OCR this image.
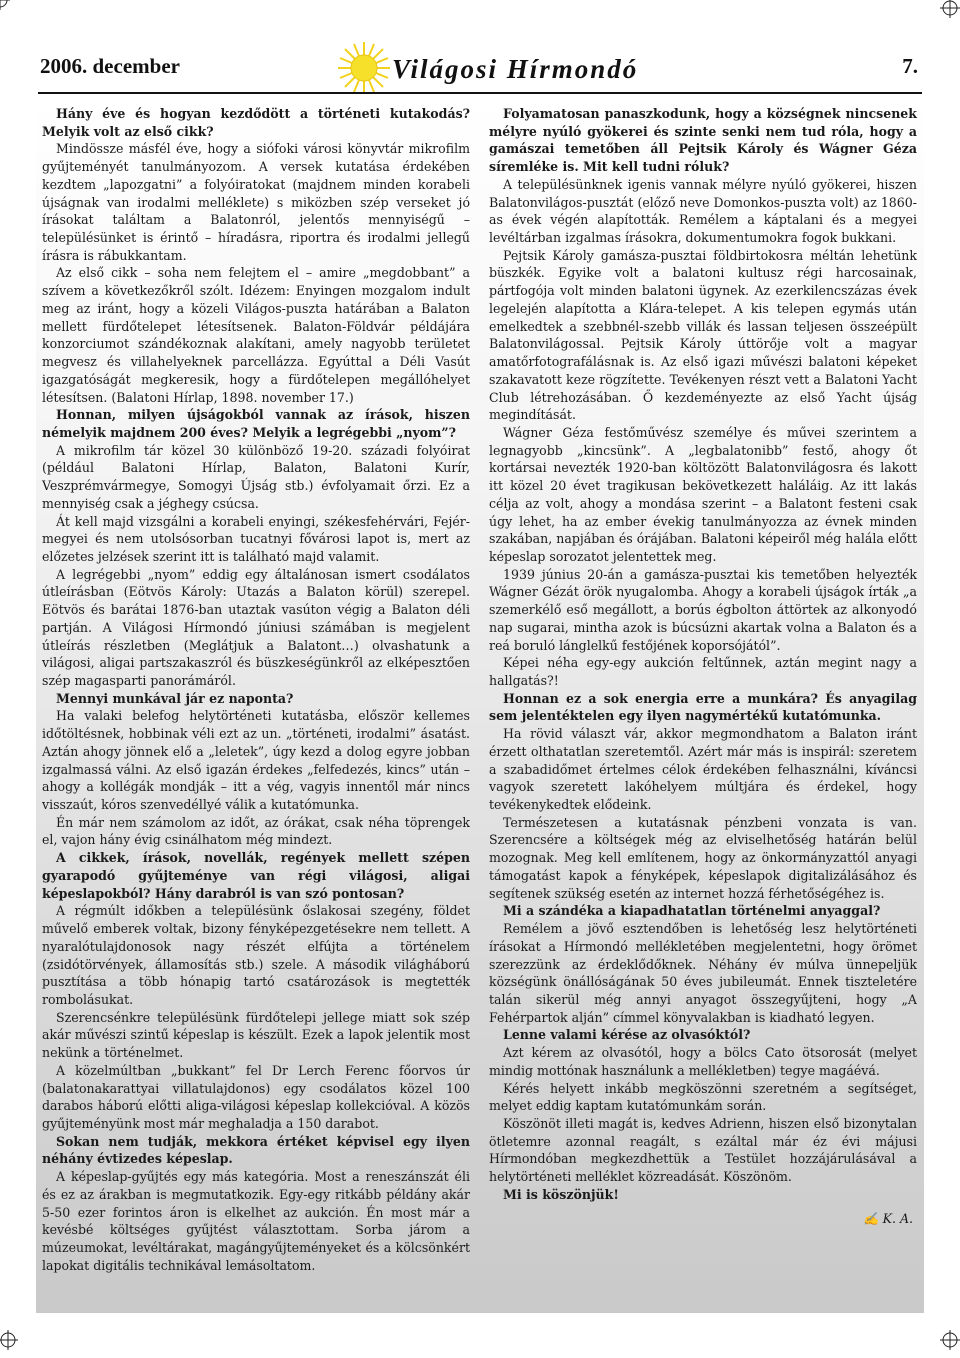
2006. december	Világosi Hírmondó	7.

Hány éve és hogyan kezdődött a történeti kutakodás? Melyik volt az első cikk?

Mindössze másfél éve, hogy a siófoki városi könyvtár mikrofilm gyűjteményét tanulmányozom. A versek kutatása érdekében kezdtem „lapozgatni” a folyóiratokat (majdnem minden korabeli újságnak van irodalmi melléklete) s miközben szép verseket jó írásokat találtam a Balatonról, jelentős mennyiségű – településünket is érintő – híradásra, riportra és irodalmi jellegű írásra is rábukkantam.

Az első cikk – soha nem felejtem el – amire „megdobbant” a szívem a következőkről szólt. Idézem: Enyingen mozgalom indult meg az iránt, hogy a közeli Világos-puszta határában a Balaton mellett fürdőtelepet létesítsenek. Balaton-Földvár példájára konzorciumot szándékoznak alakítani, amely nagyobb területet megvesz és villahelyeknek parcellázza. Egyúttal a Déli Vasút igazgatóságát megkeresik, hogy a fürdőtelepen megállóhelyet létesítsen. (Balatoni Hírlap, 1898. november 17.)

Honnan, milyen újságokból vannak az írások, hiszen némelyik majdnem 200 éves? Melyik a legrégebbi „nyom”?

A mikrofilm tár közel 30 különböző 19-20. századi folyóirat (például Balatoni Hírlap, Balaton, Balatoni Kurír, Veszprémvármegye, Somogyi Újság stb.) évfolyamait őrzi. Ez a mennyiség csak a jéghegy csúcsa.

Át kell majd vizsgálni a korabeli enyingi, székesfehérvári, Fejér-megyei és nem utolsósorban tucatnyi fővárosi lapot is, mert az előzetes jelzések szerint itt is található majd valamit.

A legrégebbi „nyom” eddig egy általánosan ismert csodálatos útleírásban (Eötvös Károly: Utazás a Balaton körül) szerepel. Eötvös és barátai 1876-ban utaztak vasúton végig a Balaton déli partján. A Világosi Hírmondó júniusi számában is megjelent útleírás részletben (Meglátjuk a Balatont…) olvashatunk a világosi, aligai partszakaszról és büszkeségünkről az elképesztően szép magasparti panorámáról.

Mennyi munkával jár ez naponta?

Ha valaki belefog helytörténeti kutatásba, először kellemes időtöltésnek, hobbinak véli ezt az un. „történeti, irodalmi” ásatást. Aztán ahogy jönnek elő a „leletek”, úgy kezd a dolog egyre jobban izgalmassá válni. Az első igazán érdekes „felfedezés, kincs” után – ahogy a kollégák mondják – itt a vég, vagyis innentől már nincs visszaút, kóros szenvedéllyé válik a kutatómunka.

Én már nem számolom az időt, az órákat, csak néha töprengek el, vajon hány évig csinálhatom még mindezt.

A cikkek, írások, novellák, regények mellett szépen gyarapodó gyűjteménye van régi világosi, aligai képeslapokból? Hány darabról is van szó pontosan?

A régmúlt időkben a településünk őslakosai szegény, földet művelő emberek voltak, bizony fényképezgetésekre nem tellett. A nyaralótulajdonosok nagy részét elfújta a történelem (zsidótörvények, államosítás stb.) szele. A második világháború pusztítása a több hónapig tartó csatározások is megtették rombolásukat.

Szerencsénkre településünk fürdőtelepi jellege miatt sok szép akár művészi szintű képeslap is készült. Ezek a lapok jelentik most nekünk a történelmet.

A közelmúltban „bukkant” fel Dr Lerch Ferenc főorvos úr (balatonakarattyai villatulajdonos) egy csodálatos közel 100 darabos háború előtti aliga-világosi képeslap kollekcióval. A közös gyűjteményünk most már meghaladja a 150 darabot.

Sokan nem tudják, mekkora értéket képvisel egy ilyen néhány évtizedes képeslap.

A képeslap-gyűjtés egy más kategória. Most a reneszánszát éli és ez az árakban is megmutatkozik. Egy-egy ritkább példány akár 5-50 ezer forintos áron is elkelhet az aukción. Én most már a kevésbé költséges gyűjtést választottam. Sorba járom a múzeumokat, levéltárakat, magángyűjteményeket és a kölcsönkért lapokat digitális technikával lemásoltatom.

Folyamatosan panaszkodunk, hogy a községnek nincsenek mélyre nyúló gyökerei és szinte senki nem tud róla, hogy a gamászai temetőben áll Pejtsik Károly és Wágner Géza síremléke is. Mit kell tudni róluk?

A településünknek igenis vannak mélyre nyúló gyökerei, hiszen Balatonvilágos-pusztát (előző neve Domonkos-puszta volt) az 1860-as évek végén alapították. Remélem a káptalani és a megyei levéltárban izgalmas írásokra, dokumentumokra fogok bukkani.

Pejtsik Károly gamásza-pusztai földbirtokosra méltán lehetünk büszkék. Egyike volt a balatoni kultusz régi harcosainak, pártfogója volt minden balatoni ügynek. Az ezerkilencszázas évek legelején alapította a Klára-telepet. A kis telepen egymás után emelkedtek a szebbnél-szebb villák és lassan teljesen összeépült Balatonvilágossal. Pejtsik Károly úttörője volt a magyar amatőrfotografálásnak is. Az első igazi művészi balatoni képeket szakavatott keze rögzítette. Tevékenyen részt vett a Balatoni Yacht Club létrehozásában. Ő kezdeményezte az első Yacht újság megindítását.

Wágner Géza festőművész személye és művei szerintem a legnagyobb „kincsünk”. A „legbalatonibb” festő, ahogy őt kortársai nevezték 1920-ban költözött Balatonvilágosra és lakott itt közel 20 évet tragikusan bekövetkezett haláláig. Az itt lakás célja az volt, ahogy a mondása szerint – a Balatont festeni csak úgy lehet, ha az ember évekig tanulmányozza az évnek minden szakában, napjában és órájában. Balatoni képeiről még halála előtt képeslap sorozatot jelentettek meg.

1939 június 20-án a gamásza-pusztai kis temetőben helyezték Wágner Gézát örök nyugalomba. Ahogy a korabeli újságok írták „a szemerkélő eső megállott, a borús égbolton áttörtek az alkonyodó nap sugarai, mintha azok is búcsúzni akartak volna a Balaton és a reá boruló lánglelkű festőjének koporsójától”.

Képei néha egy-egy aukción feltűnnek, aztán megint nagy a hallgatás?!

Honnan ez a sok energia erre a munkára? És anyagilag sem jelentéktelen egy ilyen nagymértékű kutatómunka.

Ha rövid választ vár, akkor megmondhatom a Balaton iránt érzett olthatatlan szeretemtől. Azért már más is inspirál: szeretem a szabadidőmet értelmes célok érdekében felhasználni, kíváncsi vagyok szeretett lakóhelyem múltjára és érdekel, hogy tevékenykedtek elődeink.

Természetesen a kutatásnak pénzbeni vonzata is van. Szerencsére a költségek még az elviselhetőség határán belül mozognak. Meg kell említenem, hogy az önkormányzattól anyagi támogatást kapok a fényképek, képeslapok digitalizálásához és segítenek szükség esetén az internet hozzá férhetőségéhez is.

Mi a szándéka a kiapadhatatlan történelmi anyaggal?

Remélem a jövő esztendőben is lehetőség lesz helytörténeti írásokat a Hírmondó mellékletében megjelentetni, hogy örömet szerezzünk az érdeklődőknek. Néhány év múlva ünnepeljük községünk önállóságának 50 éves jubileumát. Ennek tiszteletére talán sikerül még annyi anyagot összegyűjteni, hogy „A Fehérpartok alján” címmel könyvalakban is kiadható legyen.

Lenne valami kérése az olvasóktól?

Azt kérem az olvasótól, hogy a bölcs Cato ötsorosát (melyet mindig mottónak használunk a mellékletben) tegye magáévá.

Kérés helyett inkább megköszönni szeretném a segítséget, melyet eddig kaptam kutatómunkám során.

Köszönöt illeti magát is, kedves Adrienn, hiszen első bizonytalan ötletemre azonnal reagált, s ezáltal már éz évi májusi Hírmondóban megkezdhettük a Testület hozzájárulásával a helytörténeti melléklet közreadását. Köszönöm.

Mi is köszönjük!

✍ K. A.
